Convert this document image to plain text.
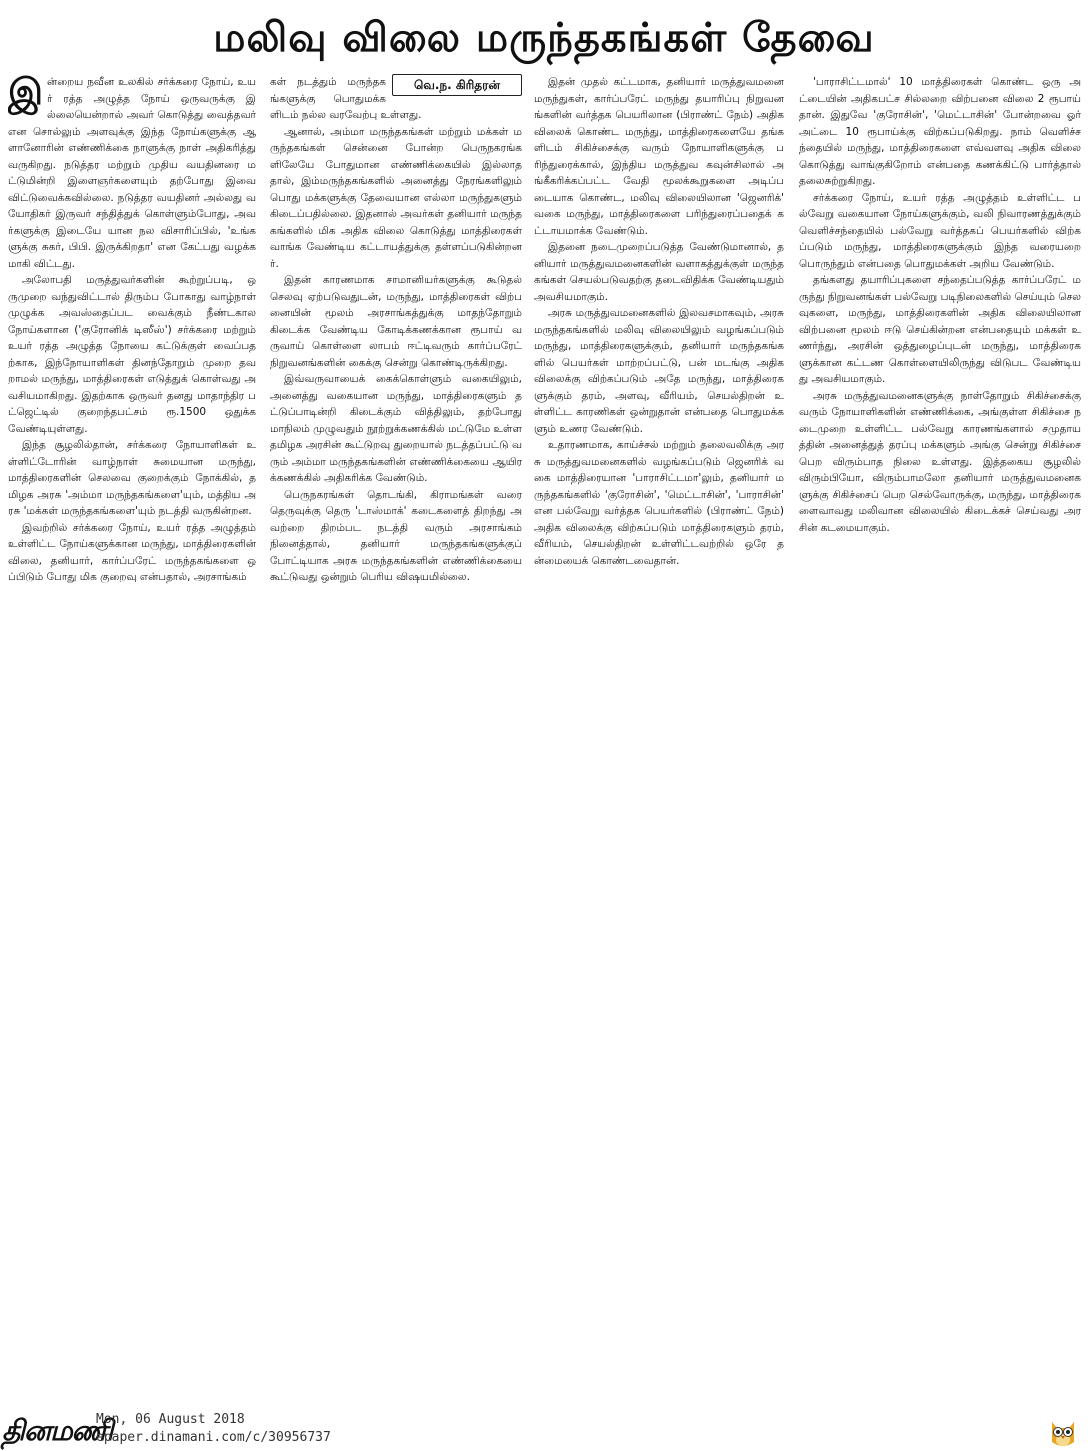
மலிவு விலை மருந்தகங்கள் தேவை

இன்றைய நவீன உலகில் சர்க்கரை நோய், உயர் ரத்த அழுத்த நோய் ஒருவருக்கு இல்லையென்றால் அவர் கொடுத்து வைத்தவர் என சொல்லும் அளவுக்கு இந்த நோய்களுக்கு ஆளானோரின் எண்ணிக்கை நாளுக்கு நாள் அதிகரித்து வருகிறது. நடுத்தர மற்றும் முதிய வயதினரை மட்டுமின்றி இளைஞர்களையும் தற்போது இவை விட்டுவைக்கவில்லை. நடுத்தர வயதினர் அல்லது வயோதிகர் இருவர் சந்தித்துக் கொள்ளும்போது, அவர்களுக்கு இடையே யான நல விசாரிப்பில், 'உங்களுக்கு சுகர், பிபி. இருக்கிறதா' என கேட்பது வழக்கமாகி விட்டது.

அலோபதி மருத்துவர்களின் கூற்றுப்படி, ஒருமுறை வந்துவிட்டால் திரும்ப போகாது வாழ்நாள் முழுக்க அவஸ்தைப்பட வைக்கும் நீண்டகால நோய்களான ('குரோனிக் டிஸீஸ்') சர்க்கரை மற்றும் உயர் ரத்த அழுத்த நோயை கட்டுக்குள் வைப்பதற்காக, இந்நோயாளிகள் தினந்தோறும் முறை தவறாமல் மருந்து, மாத்திரைகள் எடுத்துக் கொள்வது அவசியமாகிறது. இதற்காக ஒருவர் தனது மாதாந்திர பட்ஜெட்டில் குறைந்தபட்சம் ரூ.1500 ஒதுக்க வேண்டியுள்ளது.

இந்த சூழலில்தான், சர்க்கரை நோயாளிகள் உள்ளிட்டோரின் வாழ்நாள் சுமையான மருந்து, மாத்திரைகளின் செலவை குறைக்கும் நோக்கில், தமிழக அரசு 'அம்மா மருந்தகங்களை'யும், மத்திய அரசு 'மக்கள் மருந்தகங்களை'யும் நடத்தி வருகின்றன.

இவற்றில் சர்க்கரை நோய், உயர் ரத்த அழுத்தம் உள்ளிட்ட நோய்களுக்கான மருந்து, மாத்திரைகளின் விலை, தனியார், கார்ப்பரேட் மருந்தகங்களை ஒப்பிடும் போது மிக குறைவு என்பதால், அரசாங்கம்

வெ.ந. கிரிதரன்

கள் நடத்தும் மருந்தகங்களுக்கு பொதுமக்களிடம் நல்ல வரவேற்பு உள்ளது.

ஆனால், அம்மா மருந்தகங்கள் மற்றும் மக்கள் மருந்தகங்கள் சென்னை போன்ற பெருநகரங்களிலேயே போதுமான எண்ணிக்கையில் இல்லாததால், இம்மருந்தகங்களில் அனைத்து நேரங்களிலும் பொது மக்களுக்கு தேவையான எல்லா மருந்துகளும் கிடைப்பதில்லை. இதனால் அவர்கள் தனியார் மருந்தகங்களில் மிக அதிக விலை கொடுத்து மாத்திரைகள் வாங்க வேண்டிய கட்டாயத்துக்கு தள்ளப்படுகின்றனர்.

இதன் காரணமாக சாமானியர்களுக்கு கூடுதல் செலவு ஏற்படுவதுடன், மருந்து, மாத்திரைகள் விற்பனையின் மூலம் அரசாங்கத்துக்கு மாதந்தோறும் கிடைக்க வேண்டிய கோடிக்கணக்கான ரூபாய் வருவாய் கொள்ளை லாபம் ஈட்டிவரும் கார்ப்பரேட் நிறுவனங்களின் கைக்கு சென்று கொண்டிருக்கிறது.

இவ்வருவாயைக் கைக்கொள்ளும் வகையிலும், அனைத்து வகையான மருந்து, மாத்திரைகளும் தட்டுப்பாடின்றி கிடைக்கும் வித்திலும், தற்போது மாநிலம் முழுவதும் நூற்றுக்கணக்கில் மட்டுமே உள்ள தமிழக அரசின் கூட்டுறவு துறையால் நடத்தப்பட்டு வரும் அம்மா மருந்தகங்களின் எண்ணிக்கையை ஆயிரக்கணக்கில் அதிகரிக்க வேண்டும்.

பெருநகரங்கள் தொடங்கி, கிராமங்கள் வரை தெருவுக்கு தெரு 'டாஸ்மாக்' கடைகளைத் திறந்து அவற்றை திறம்பட நடத்தி வரும் அரசாங்கம் நினைத்தால், தனியார் மருந்தகங்களுக்குப் போட்டியாக அரசு மருந்தகங்களின் எண்ணிக்கையை கூட்டுவது ஒன்றும் பெரிய விஷயமில்லை.

இதன் முதல் கட்டமாக, தனியார் மருத்துவமனை மருந்துகள், கார்ப்பரேட் மருந்து தயாரிப்பு நிறுவனங்களின் வர்த்தக பெயரிலான (பிராண்ட் நேம்) அதிக விலைக் கொண்ட மருந்து, மாத்திரைகளையே தங்களிடம் சிகிச்சைக்கு வரும் நோயாளிகளுக்கு பரிந்துரைக்கால், இந்திய மருத்துவ கவுன்சிலால் அங்கீகரிக்கப்பட்ட வேதி மூலக்கூறுகளை அடிப்படையாக கொண்ட, மலிவு விலையிலான 'ஜெனரிக்' வகை மருந்து, மாத்திரைகளை பரிந்துரைப்பதைக் கட்டாயமாக்க வேண்டும்.

இதனை நடைமுறைப்படுத்த வேண்டுமானால், தனியார் மருத்துவமனைகளின் வளாகத்துக்குள் மருந்தகங்கள் செயல்படுவதற்கு தடைவிதிக்க வேண்டியதும் அவசியமாகும்.

அரசு மருத்துவமனைகளில் இலவசமாகவும், அரசு மருந்தகங்களில் மலிவு விலையிலும் வழங்கப்படும் மருந்து, மாத்திரைகளுக்கும், தனியார் மருந்தகங்களில் பெயர்கள் மாற்றப்பட்டு, பன் மடங்கு அதிக விலைக்கு விற்கப்படும் அதே மருந்து, மாத்திரைகளுக்கும் தரம், அளவு, வீரியம், செயல்திறன் உள்ளிட்ட காரணிகள் ஒன்றுதான் என்பதை பொதுமக்களும் உணர வேண்டும்.

உதாரணமாக, காய்ச்சல் மற்றும் தலைவலிக்கு அரசு மருத்துவமனைகளில் வழங்கப்படும் ஜெனரிக் வகை மாத்திரையான 'பாராசிட்டமா'லும், தனியார் மருந்தகங்களில் 'குரோசின்', 'மெட்டாசின்', 'பாராசின்' என பல்வேறு வர்த்தக பெயர்களில் (பிராண்ட் நேம்) அதிக விலைக்கு விற்கப்படும் மாத்திரைகளும் தரம், வீரியம், செயல்திறன் உள்ளிட்டவற்றில் ஒரே தன்மையைக் கொண்டவைதான்.

'பாராசிட்டமால்' 10 மாத்திரைகள் கொண்ட ஒரு அட்டையின் அதிகபட்ச சில்லறை விற்பனை விலை 2 ரூபாய் தான். இதுவே 'குரோசின்', 'மெட்டாசின்' போன்றவை ஓர் அட்டை 10 ரூபாய்க்கு விற்கப்படுகிறது. நாம் வெளிச்சந்தையில் மருந்து, மாத்திரைகளை எவ்வளவு அதிக விலை கொடுத்து வாங்குகிறோம் என்பதை கணக்கிட்டு பார்த்தால் தலைசுற்றுகிறது.

சர்க்கரை நோய், உயர் ரத்த அழுத்தம் உள்ளிட்ட பல்வேறு வகையான நோய்களுக்கும், வலி நிவாரணத்துக்கும் வெளிச்சந்தையில் பல்வேறு வர்த்தகப் பெயர்களில் விற்கப்படும் மருந்து, மாத்திரைகளுக்கும் இந்த வரையறை பொருந்தும் என்பதை பொதுமக்கள் அறிய வேண்டும்.

தங்களது தயாரிப்புகளை சந்தைப்படுத்த கார்ப்பரேட் மருந்து நிறுவனங்கள் பல்வேறு படிநிலைகளில் செய்யும் செலவுகளை, மருந்து, மாத்திரைகளின் அதிக விலையிலான விற்பனை மூலம் ஈடு செய்கின்றன என்பதையும் மக்கள் உணர்ந்து, அரசின் ஒத்துழைப்புடன் மருந்து, மாத்திரைகளுக்கான கட்டண கொள்ளையிலிருந்து விடுபட வேண்டியது அவசியமாகும்.

அரசு மருத்துவமனைகளுக்கு நாள்தோறும் சிகிச்சைக்கு வரும் நோயாளிகளின் எண்ணிக்கை, அங்குள்ள சிகிச்சை நடைமுறை உள்ளிட்ட பல்வேறு காரணங்களால் சமுதாயத்தின் அனைத்துத் தரப்பு மக்களும் அங்கு சென்று சிகிச்சை பெற விரும்பாத நிலை உள்ளது. இத்தகைய சூழலில் விரும்பியோ, விரும்பாமலோ தனியார் மருத்துவமனைகளுக்கு சிகிச்சைப் பெற செல்வோருக்கு, மருந்து, மாத்திரைகளைவாவது மலிவான விலையில் கிடைக்கச் செய்வது அரசின் கடமையாகும்.

தினமணி
Mon, 06 August 2018
epaper.dinamani.com/c/30956737
